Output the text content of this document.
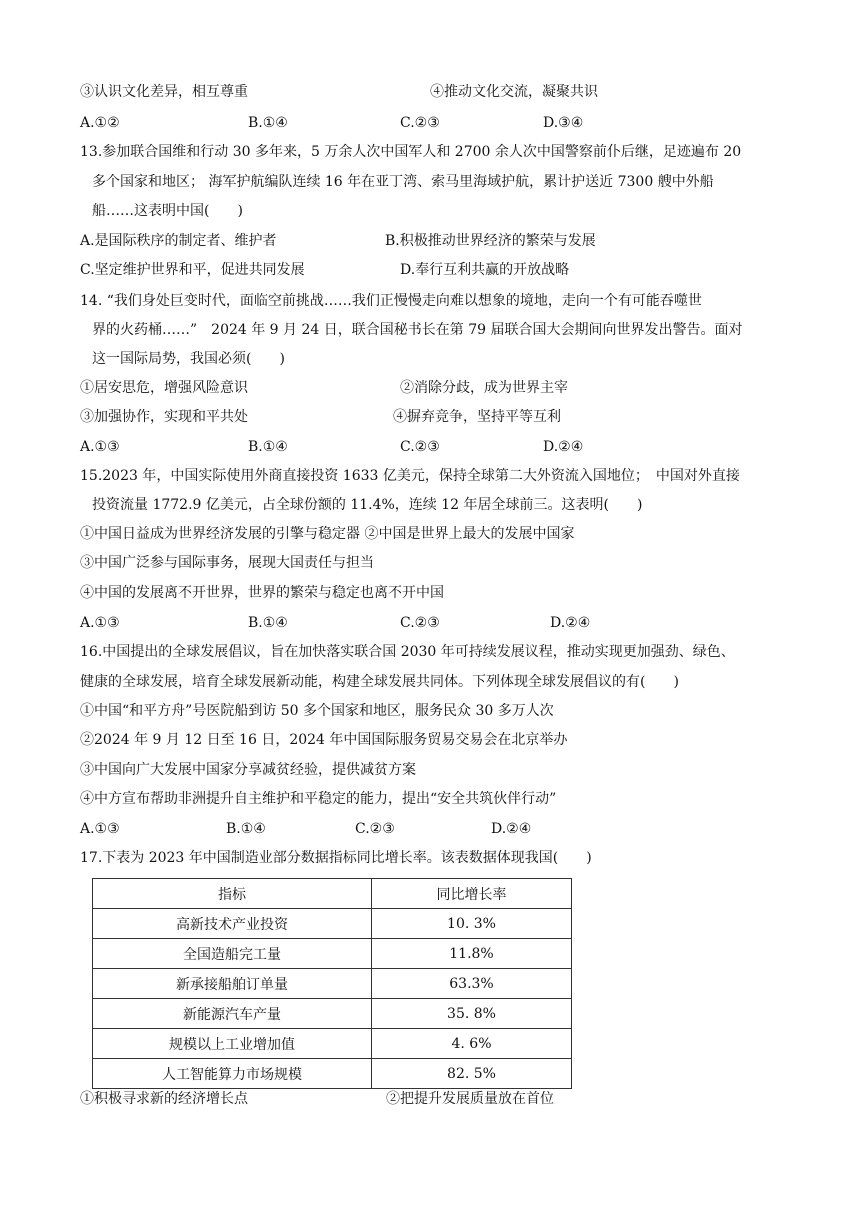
③认识文化差异，相互尊重	④推动文化交流，凝聚共识
A.①②	B.①④	C.②③	D.③④
13.参加联合国维和行动 30 多年来，5 万余人次中国军人和 2700 余人次中国警察前仆后继，足迹遍布 20
多个国家和地区； 海军护航编队连续 16 年在亚丁湾、索马里海域护航，累计护送近 7300 艘中外船
船……这表明中国(　　)
A.是国际秩序的制定者、维护者	B.积极推动世界经济的繁荣与发展
C.坚定维护世界和平，促进共同发展	D.奉行互利共赢的开放战略
14. “我们身处巨变时代，面临空前挑战……我们正慢慢走向难以想象的境地，走向一个有可能吞噬世
界的火药桶……”　2024 年 9 月 24 日，联合国秘书长在第 79 届联合国大会期间向世界发出警告。面对
这一国际局势，我国必须(　　)
①居安思危，增强风险意识	②消除分歧，成为世界主宰
③加强协作，实现和平共处	④摒弃竞争，坚持平等互利
A.①③	B.①④	C.②③	D.②④
15.2023 年，中国实际使用外商直接投资 1633 亿美元，保持全球第二大外资流入国地位；　中国对外直接
投资流量 1772.9 亿美元，占全球份额的 11.4%，连续 12 年居全球前三。这表明(　　)
①中国日益成为世界经济发展的引擎与稳定器 ②中国是世界上最大的发展中国家
③中国广泛参与国际事务，展现大国责任与担当
④中国的发展离不开世界，世界的繁荣与稳定也离不开中国
A.①③	B.①④	C.②③	D.②④
16.中国提出的全球发展倡议，旨在加快落实联合国 2030 年可持续发展议程，推动实现更加强劲、绿色、
健康的全球发展，培育全球发展新动能，构建全球发展共同体。下列体现全球发展倡议的有(　　)
①中国“和平方舟”号医院船到访 50 多个国家和地区，服务民众 30 多万人次
②2024 年 9 月 12 日至 16 日，2024 年中国国际服务贸易交易会在北京举办
③中国向广大发展中国家分享减贫经验，提供减贫方案
④中方宣布帮助非洲提升自主维护和平稳定的能力，提出“安全共筑伙伴行动”
A.①③	B.①④	C.②③	D.②④
17.下表为 2023 年中国制造业部分数据指标同比增长率。该表数据体现我国(　　)
指标	同比增长率
高新技术产业投资	10. 3%
全国造船完工量	11.8%
新承接船舶订单量	63.3%
新能源汽车产量	35. 8%
规模以上工业增加值	4. 6%
人工智能算力市场规模	82. 5%
①积极寻求新的经济增长点	②把提升发展质量放在首位
